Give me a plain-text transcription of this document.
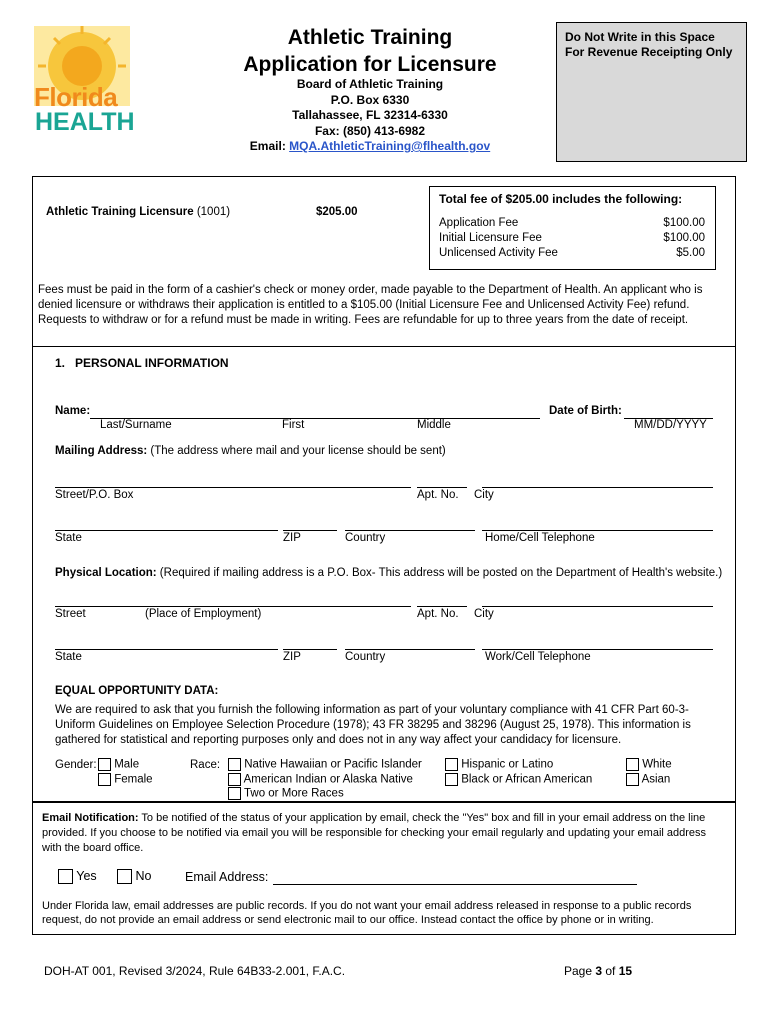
Florida
HEALTH
Athletic Training
Application for Licensure
Board of Athletic Training
P.O. Box 6330
Tallahassee, FL 32314-6330
Fax: (850) 413-6982
Email: MQA.AthleticTraining@flhealth.gov
Do Not Write in this Space
For Revenue Receipting Only
Athletic Training Licensure (1001)	$205.00
Total fee of $205.00 includes the following:
Application Fee	$100.00
Initial Licensure Fee	$100.00
Unlicensed Activity Fee	$5.00
Fees must be paid in the form of a cashier's check or money order, made payable to the Department of Health. An applicant who is denied licensure or withdraws their application is entitled to a $105.00 (Initial Licensure Fee and Unlicensed Activity Fee) refund. Requests to withdraw or for a refund must be made in writing. Fees are refundable for up to three years from the date of receipt.
1.   PERSONAL INFORMATION
Name:	Date of Birth:
Last/Surname	First	Middle	MM/DD/YYYY
Mailing Address: (The address where mail and your license should be sent)
Street/P.O. Box	Apt. No. City
State	ZIP	Country	Home/Cell Telephone
Physical Location: (Required if mailing address is a P.O. Box- This address will be posted on the Department of Health's website.)
Street	(Place of Employment)	Apt. No. City
State	ZIP	Country	Work/Cell Telephone
EQUAL OPPORTUNITY DATA:
We are required to ask that you furnish the following information as part of your voluntary compliance with 41 CFR Part 60-3-Uniform Guidelines on Employee Selection Procedure (1978); 43 FR 38295 and 38296 (August 25, 1978). This information is gathered for statistical and reporting purposes only and does not in any way affect your candidacy for licensure.
Gender:	Male
Female
Race:	Native Hawaiian or Pacific Islander
American Indian or Alaska Native
Two or More Races
Hispanic or Latino
Black or African American
White
Asian
Email Notification: To be notified of the status of your application by email, check the "Yes" box and fill in your email address on the line provided. If you choose to be notified via email you will be responsible for checking your email regularly and updating your email address with the board office.
Yes	No	Email Address:
Under Florida law, email addresses are public records. If you do not want your email address released in response to a public records request, do not provide an email address or send electronic mail to our office. Instead contact the office by phone or in writing.
DOH-AT 001, Revised 3/2024, Rule 64B33-2.001, F.A.C.	Page 3 of 15
